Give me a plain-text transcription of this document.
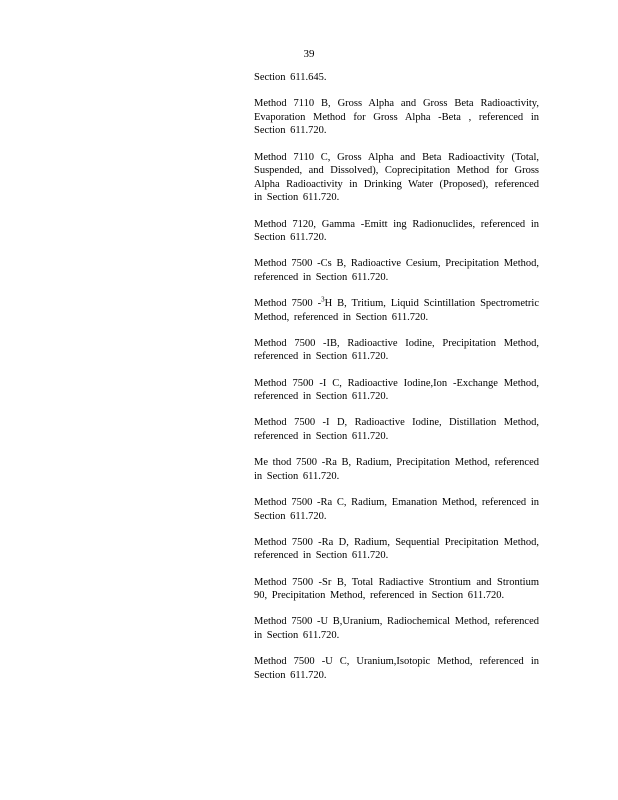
39

Section 611.645.

Method 7110 B, Gross Alpha and Gross Beta Radioactivity, Evaporation Method for Gross Alpha -Beta , referenced in Section 611.720.

Method 7110 C, Gross Alpha and Beta Radioactivity (Total, Suspended, and Dissolved), Coprecipitation Method for Gross Alpha Radioactivity in Drinking Water (Proposed), referenced in Section 611.720.

Method 7120, Gamma -Emitt ing Radionuclides, referenced in Section 611.720.

Method 7500 -Cs B, Radioactive Cesium, Precipitation Method, referenced in Section 611.720.

Method 7500 -$^3$H B, Tritium, Liquid Scintillation Spectrometric Method, referenced in Section 611.720.

Method 7500 -IB, Radioactive Iodine, Precipitation Method, referenced in Section 611.720.

Method 7500 -I C, Radioactive Iodine,Ion -Exchange Method, referenced in Section 611.720.

Method 7500 -I D, Radioactive Iodine, Distillation Method, referenced in Section 611.720.

Me thod 7500 -Ra B, Radium, Precipitation Method, referenced in Section 611.720.

Method 7500 -Ra C, Radium, Emanation Method, referenced in Section 611.720.

Method 7500 -Ra D, Radium, Sequential Precipitation Method, referenced in Section 611.720.

Method 7500 -Sr B, Total Radiactive Strontium and Strontium 90, Precipitation Method, referenced in Section 611.720.

Method 7500 -U B,Uranium, Radiochemical Method, referenced in Section 611.720.

Method 7500 -U C, Uranium,Isotopic Method, referenced in Section 611.720.
